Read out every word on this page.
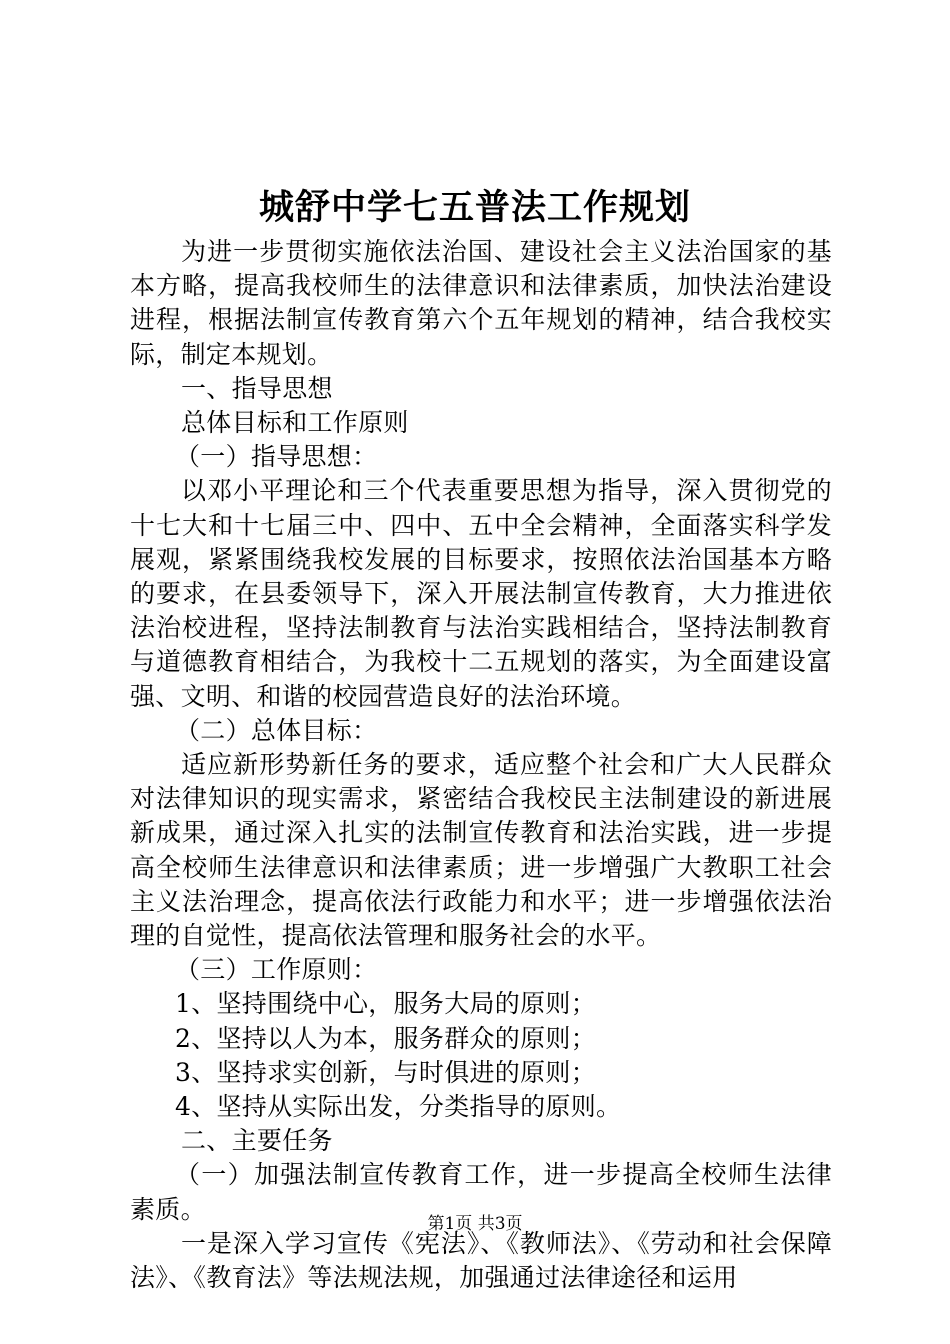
城舒中学七五普法工作规划

为进一步贯彻实施依法治国、建设社会主义法治国家的基本方略，提高我校师生的法律意识和法律素质，加快法治建设进程，根据法制宣传教育第六个五年规划的精神，结合我校实际，制定本规划。

一、指导思想

总体目标和工作原则

（一）指导思想：

以邓小平理论和三个代表重要思想为指导，深入贯彻党的十七大和十七届三中、四中、五中全会精神，全面落实科学发展观，紧紧围绕我校发展的目标要求，按照依法治国基本方略的要求，在县委领导下，深入开展法制宣传教育，大力推进依法治校进程，坚持法制教育与法治实践相结合，坚持法制教育与道德教育相结合，为我校十二五规划的落实，为全面建设富强、文明、和谐的校园营造良好的法治环境。

（二）总体目标：

适应新形势新任务的要求，适应整个社会和广大人民群众对法律知识的现实需求，紧密结合我校民主法制建设的新进展新成果，通过深入扎实的法制宣传教育和法治实践，进一步提高全校师生法律意识和法律素质；进一步增强广大教职工社会主义法治理念，提高依法行政能力和水平；进一步增强依法治理的自觉性，提高依法管理和服务社会的水平。

（三）工作原则：

1、坚持围绕中心，服务大局的原则；

2、坚持以人为本，服务群众的原则；

3、坚持求实创新，与时俱进的原则；

4、坚持从实际出发，分类指导的原则。

二、主要任务

（一）加强法制宣传教育工作，进一步提高全校师生法律素质。

一是深入学习宣传《宪法》、《教师法》、《劳动和社会保障法》、《教育法》等法规法规，加强通过法律途径和运用

第1页 共3页
